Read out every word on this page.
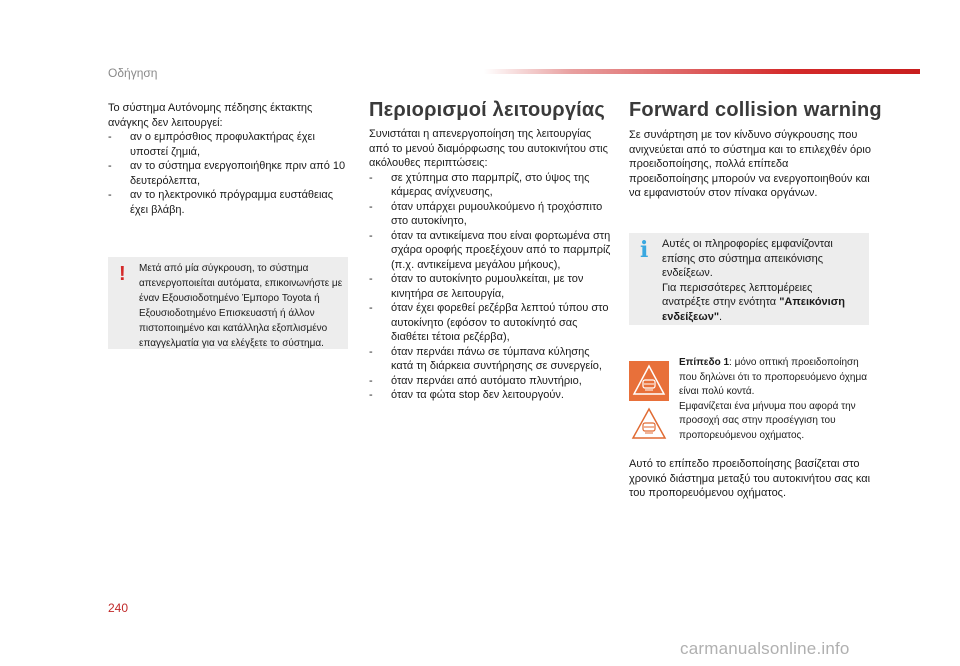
Οδήγηση

Το σύστημα Αυτόνομης πέδησης έκτακτης ανάγκης δεν λειτουργεί:

- αν ο εμπρόσθιος προφυλακτήρας έχει υποστεί ζημιά,
- αν το σύστημα ενεργοποιήθηκε πριν από 10 δευτερόλεπτα,
- αν το ηλεκτρονικό πρόγραμμα ευστάθειας έχει βλάβη.
! Μετά από μία σύγκρουση, το σύστημα απενεργοποιείται αυτόματα, επικοινωνήστε με έναν Εξουσιοδοτημένο Έμπορο Toyota ή Εξουσιοδοτημένο Επισκευαστή ή άλλον πιστοποιημένο και κατάλληλα εξοπλισμένο επαγγελματία για να ελέγξετε το σύστημα.
Περιορισμοί λειτουργίας

Συνιστάται η απενεργοποίηση της λειτουργίας από το μενού διαμόρφωσης του αυτοκινήτου στις ακόλουθες περιπτώσεις:

- σε χτύπημα στο παρμπρίζ, στο ύψος της κάμερας ανίχνευσης,
- όταν υπάρχει ρυμουλκούμενο ή τροχόσπιτο στο αυτοκίνητο,
- όταν τα αντικείμενα που είναι φορτωμένα στη σχάρα οροφής προεξέχουν από το παρμπρίζ (π.χ. αντικείμενα μεγάλου μήκους),
- όταν το αυτοκίνητο ρυμουλκείται, με τον κινητήρα σε λειτουργία,
- όταν έχει φορεθεί ρεζέρβα λεπτού τύπου στο αυτοκίνητο (εφόσον το αυτοκίνητό σας διαθέτει τέτοια ρεζέρβα),
- όταν περνάει πάνω σε τύμπανα κύλησης κατά τη διάρκεια συντήρησης σε συνεργείο,
- όταν περνάει από αυτόματο πλυντήριο,
- όταν τα φώτα stop δεν λειτουργούν.
Forward collision warning
Σε συνάρτηση με τον κίνδυνο σύγκρουσης που ανιχνεύεται από το σύστημα και το επιλεχθέν όριο προειδοποίησης, πολλά επίπεδα προειδοποίησης μπορούν να ενεργοποιηθούν και να εμφανιστούν στον πίνακα οργάνων.
i Αυτές οι πληροφορίες εμφανίζονται επίσης στο σύστημα απεικόνισης ενδείξεων.
Για περισσότερες λεπτομέρειες ανατρέξτε στην ενότητα "Απεικόνιση ενδείξεων".
Επίπεδο 1: μόνο οπτική προειδοποίηση που δηλώνει ότι το προπορευόμενο όχημα είναι πολύ κοντά.
Εμφανίζεται ένα μήνυμα που αφορά την προσοχή σας στην προσέγγιση του προπορευόμενου οχήματος.
Αυτό το επίπεδο προειδοποίησης βασίζεται στο χρονικό διάστημα μεταξύ του αυτοκινήτου σας και του προπορευόμενου οχήματος.
240
carmanualsonline.info
